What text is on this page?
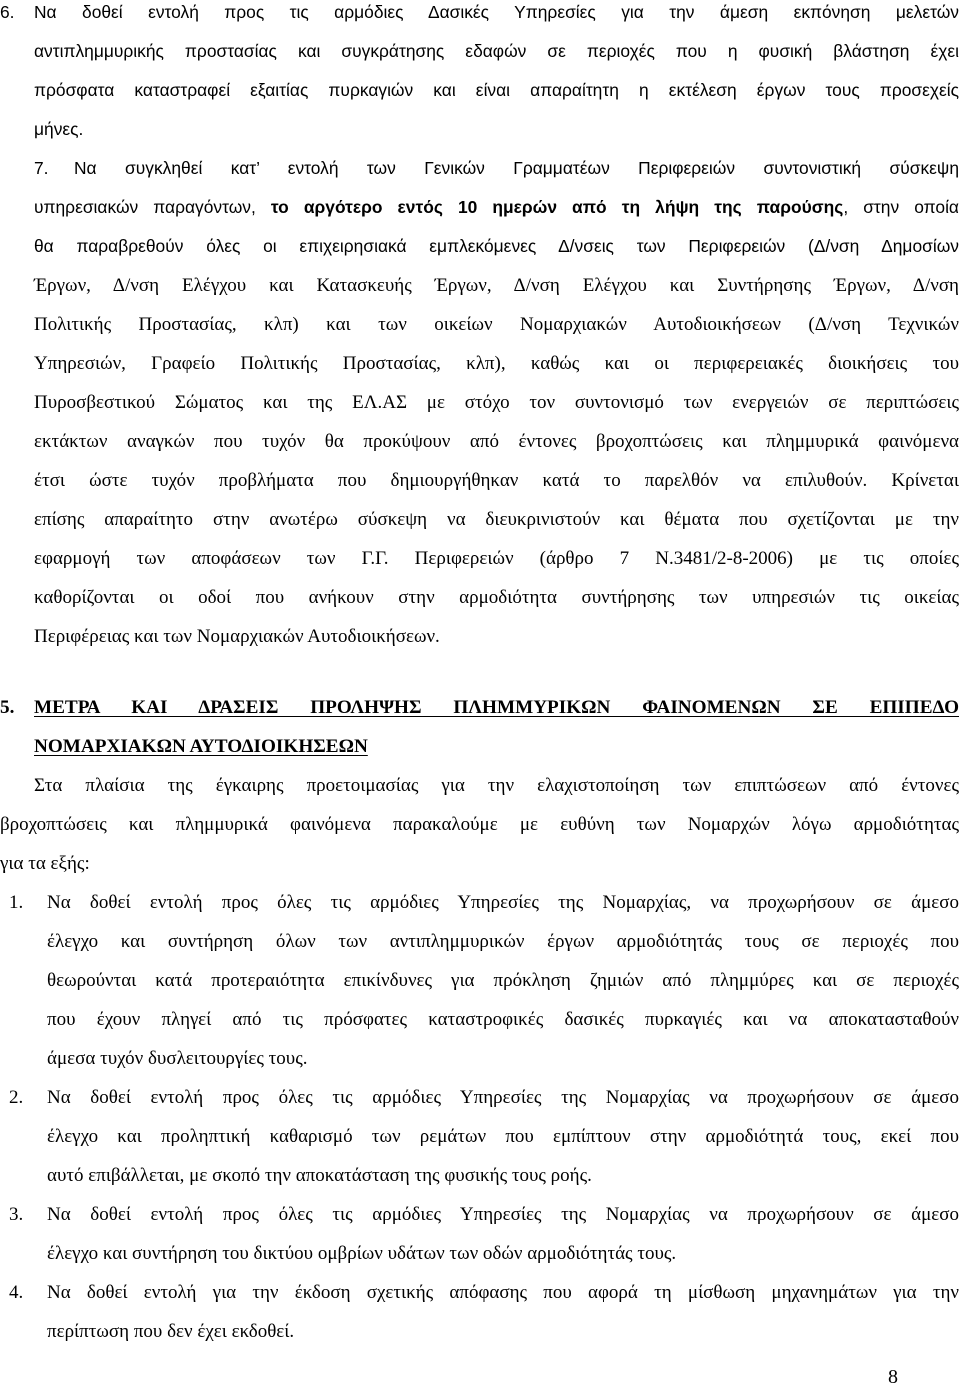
6. Να δοθεί εντολή προς τις αρμόδιες Δασικές Υπηρεσίες για την άμεση εκπόνηση μελετών
αντιπλημμυρικής προστασίας και συγκράτησης εδαφών σε περιοχές που η φυσική βλάστηση έχει
πρόσφατα καταστραφεί εξαιτίας πυρκαγιών και είναι απαραίτητη η εκτέλεση έργων τους προσεχείς
μήνες.
7. Να συγκληθεί κατ’ εντολή των Γενικών Γραμματέων Περιφερειών συντονιστική σύσκεψη
υπηρεσιακών παραγόντων, το αργότερο εντός 10 ημερών από τη λήψη της παρούσης, στην οποία
θα παραβρεθούν όλες οι επιχειρησιακά εμπλεκόμενες Δ/νσεις των Περιφερειών (Δ/νση Δημοσίων
Έργων, Δ/νση Ελέγχου και Κατασκευής Έργων, Δ/νση Ελέγχου και Συντήρησης Έργων, Δ/νση
Πολιτικής Προστασίας, κλπ) και των οικείων Νομαρχιακών Αυτοδιοικήσεων (Δ/νση Τεχνικών
Υπηρεσιών, Γραφείο Πολιτικής Προστασίας, κλπ), καθώς και οι περιφερειακές διοικήσεις του
Πυροσβεστικού Σώματος και της ΕΛ.ΑΣ με στόχο τον συντονισμό των ενεργειών σε περιπτώσεις
εκτάκτων αναγκών που τυχόν θα προκύψουν από έντονες βροχοπτώσεις και πλημμυρικά φαινόμενα
έτσι ώστε τυχόν προβλήματα που δημιουργήθηκαν κατά το παρελθόν να επιλυθούν. Κρίνεται
επίσης απαραίτητο στην ανωτέρω σύσκεψη να διευκρινιστούν και θέματα που σχετίζονται με την
εφαρμογή των αποφάσεων των Γ.Γ. Περιφερειών (άρθρο 7 Ν.3481/2-8-2006) με τις οποίες
καθορίζονται οι οδοί που ανήκουν στην αρμοδιότητα συντήρησης των υπηρεσιών τις οικείας
Περιφέρειας και των Νομαρχιακών Αυτοδιοικήσεων.
5. ΜΕΤΡΑ ΚΑΙ ΔΡΑΣΕΙΣ ΠΡΟΛΗΨΗΣ ΠΛΗΜΜΥΡΙΚΩΝ ΦΑΙΝΟΜΕΝΩΝ ΣΕ ΕΠΙΠΕΔΟ
ΝΟΜΑΡΧΙΑΚΩΝ ΑΥΤΟΔΙΟΙΚΗΣΕΩΝ
Στα πλαίσια της έγκαιρης προετοιμασίας για την ελαχιστοποίηση των επιπτώσεων από έντονες
βροχοπτώσεις και πλημμυρικά φαινόμενα παρακαλούμε με ευθύνη των Νομαρχών λόγω αρμοδιότητας
για τα εξής:
1. Να δοθεί εντολή προς όλες τις αρμόδιες Υπηρεσίες της Νομαρχίας, να προχωρήσουν σε άμεσο
έλεγχο και συντήρηση όλων των αντιπλημμυρικών έργων αρμοδιότητάς τους σε περιοχές που
θεωρούνται κατά προτεραιότητα επικίνδυνες για πρόκληση ζημιών από πλημμύρες και σε περιοχές
που έχουν πληγεί από τις πρόσφατες καταστροφικές δασικές πυρκαγιές και να αποκατασταθούν
άμεσα τυχόν δυσλειτουργίες τους.
2. Να δοθεί εντολή προς όλες τις αρμόδιες Υπηρεσίες της Νομαρχίας να προχωρήσουν σε άμεσο
έλεγχο και προληπτική καθαρισμό των ρεμάτων που εμπίπτουν στην αρμοδιότητά τους, εκεί που
αυτό επιβάλλεται, με σκοπό την αποκατάσταση της φυσικής τους ροής.
3. Να δοθεί εντολή προς όλες τις αρμόδιες Υπηρεσίες της Νομαρχίας να προχωρήσουν σε άμεσο
έλεγχο και συντήρηση του δικτύου ομβρίων υδάτων των οδών αρμοδιότητάς τους.
4. Να δοθεί εντολή για την έκδοση σχετικής απόφασης που αφορά τη μίσθωση μηχανημάτων για την
περίπτωση που δεν έχει εκδοθεί.
8
